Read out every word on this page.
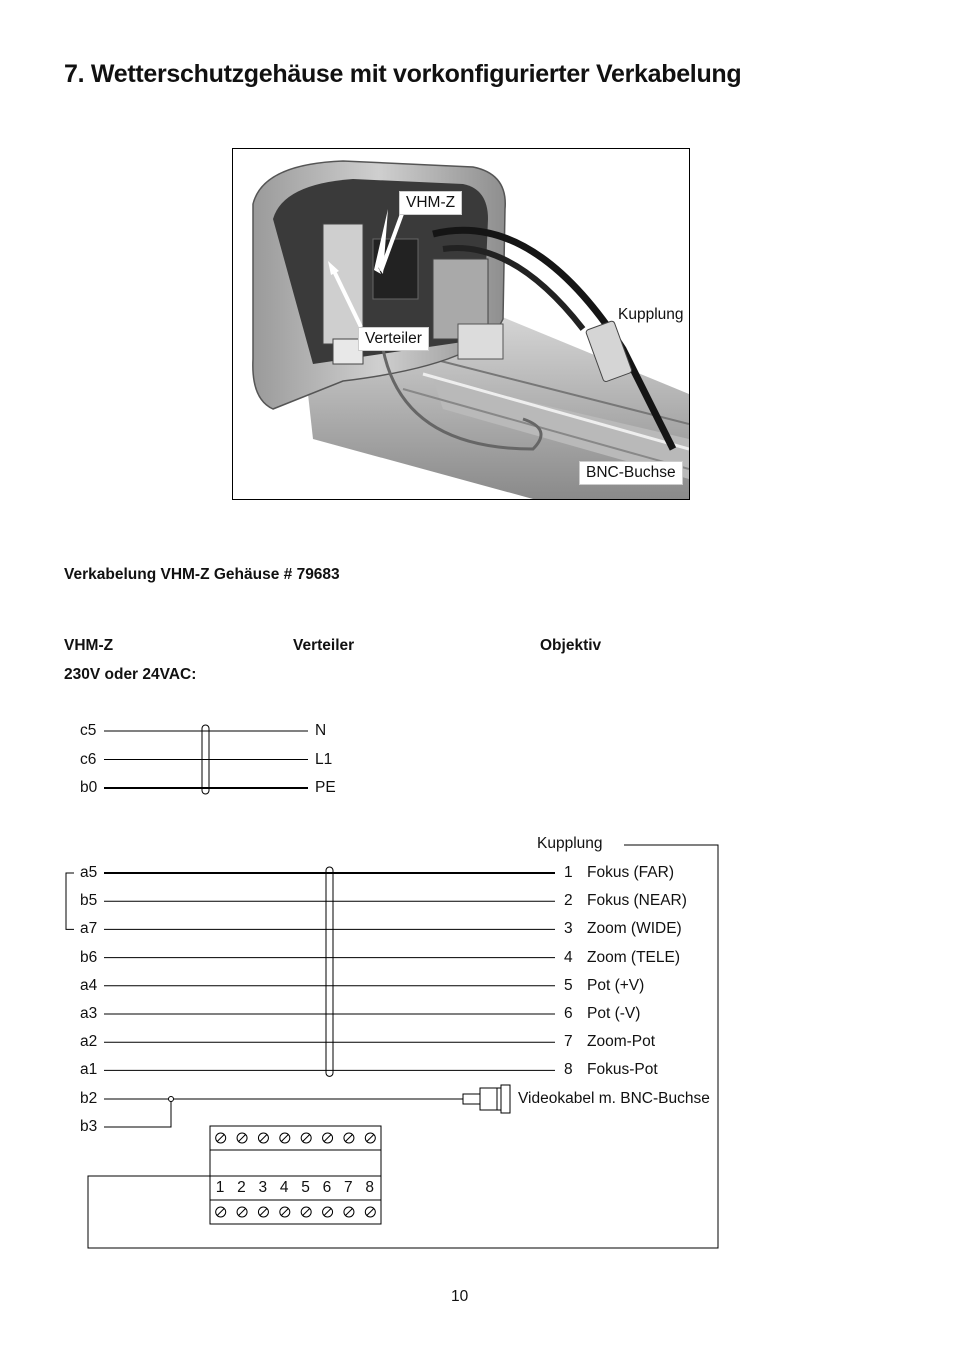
7. Wetterschutzgehäuse mit vorkonfigurierter Verkabelung
VHM-Z
Kupplung
Verteiler
BNC-Buchse
Verkabelung VHM-Z Gehäuse # 79683
VHM-Z	Verteiler	Objektiv
230V oder 24VAC:
c5	N
c6	L1
b0	PE
a5	1 Fokus (FAR)
b5	2 Fokus (NEAR)
a7	3 Zoom (WIDE)
b6	4 Zoom (TELE)
a4	5 Pot (+V)
a3	6 Pot (-V)
a2	7 Zoom-Pot
a1	8 Fokus-Pot
Kupplung
b2
b3
Videokabel m. BNC-Buchse
1 2 3 4 5 6 7 8
10
